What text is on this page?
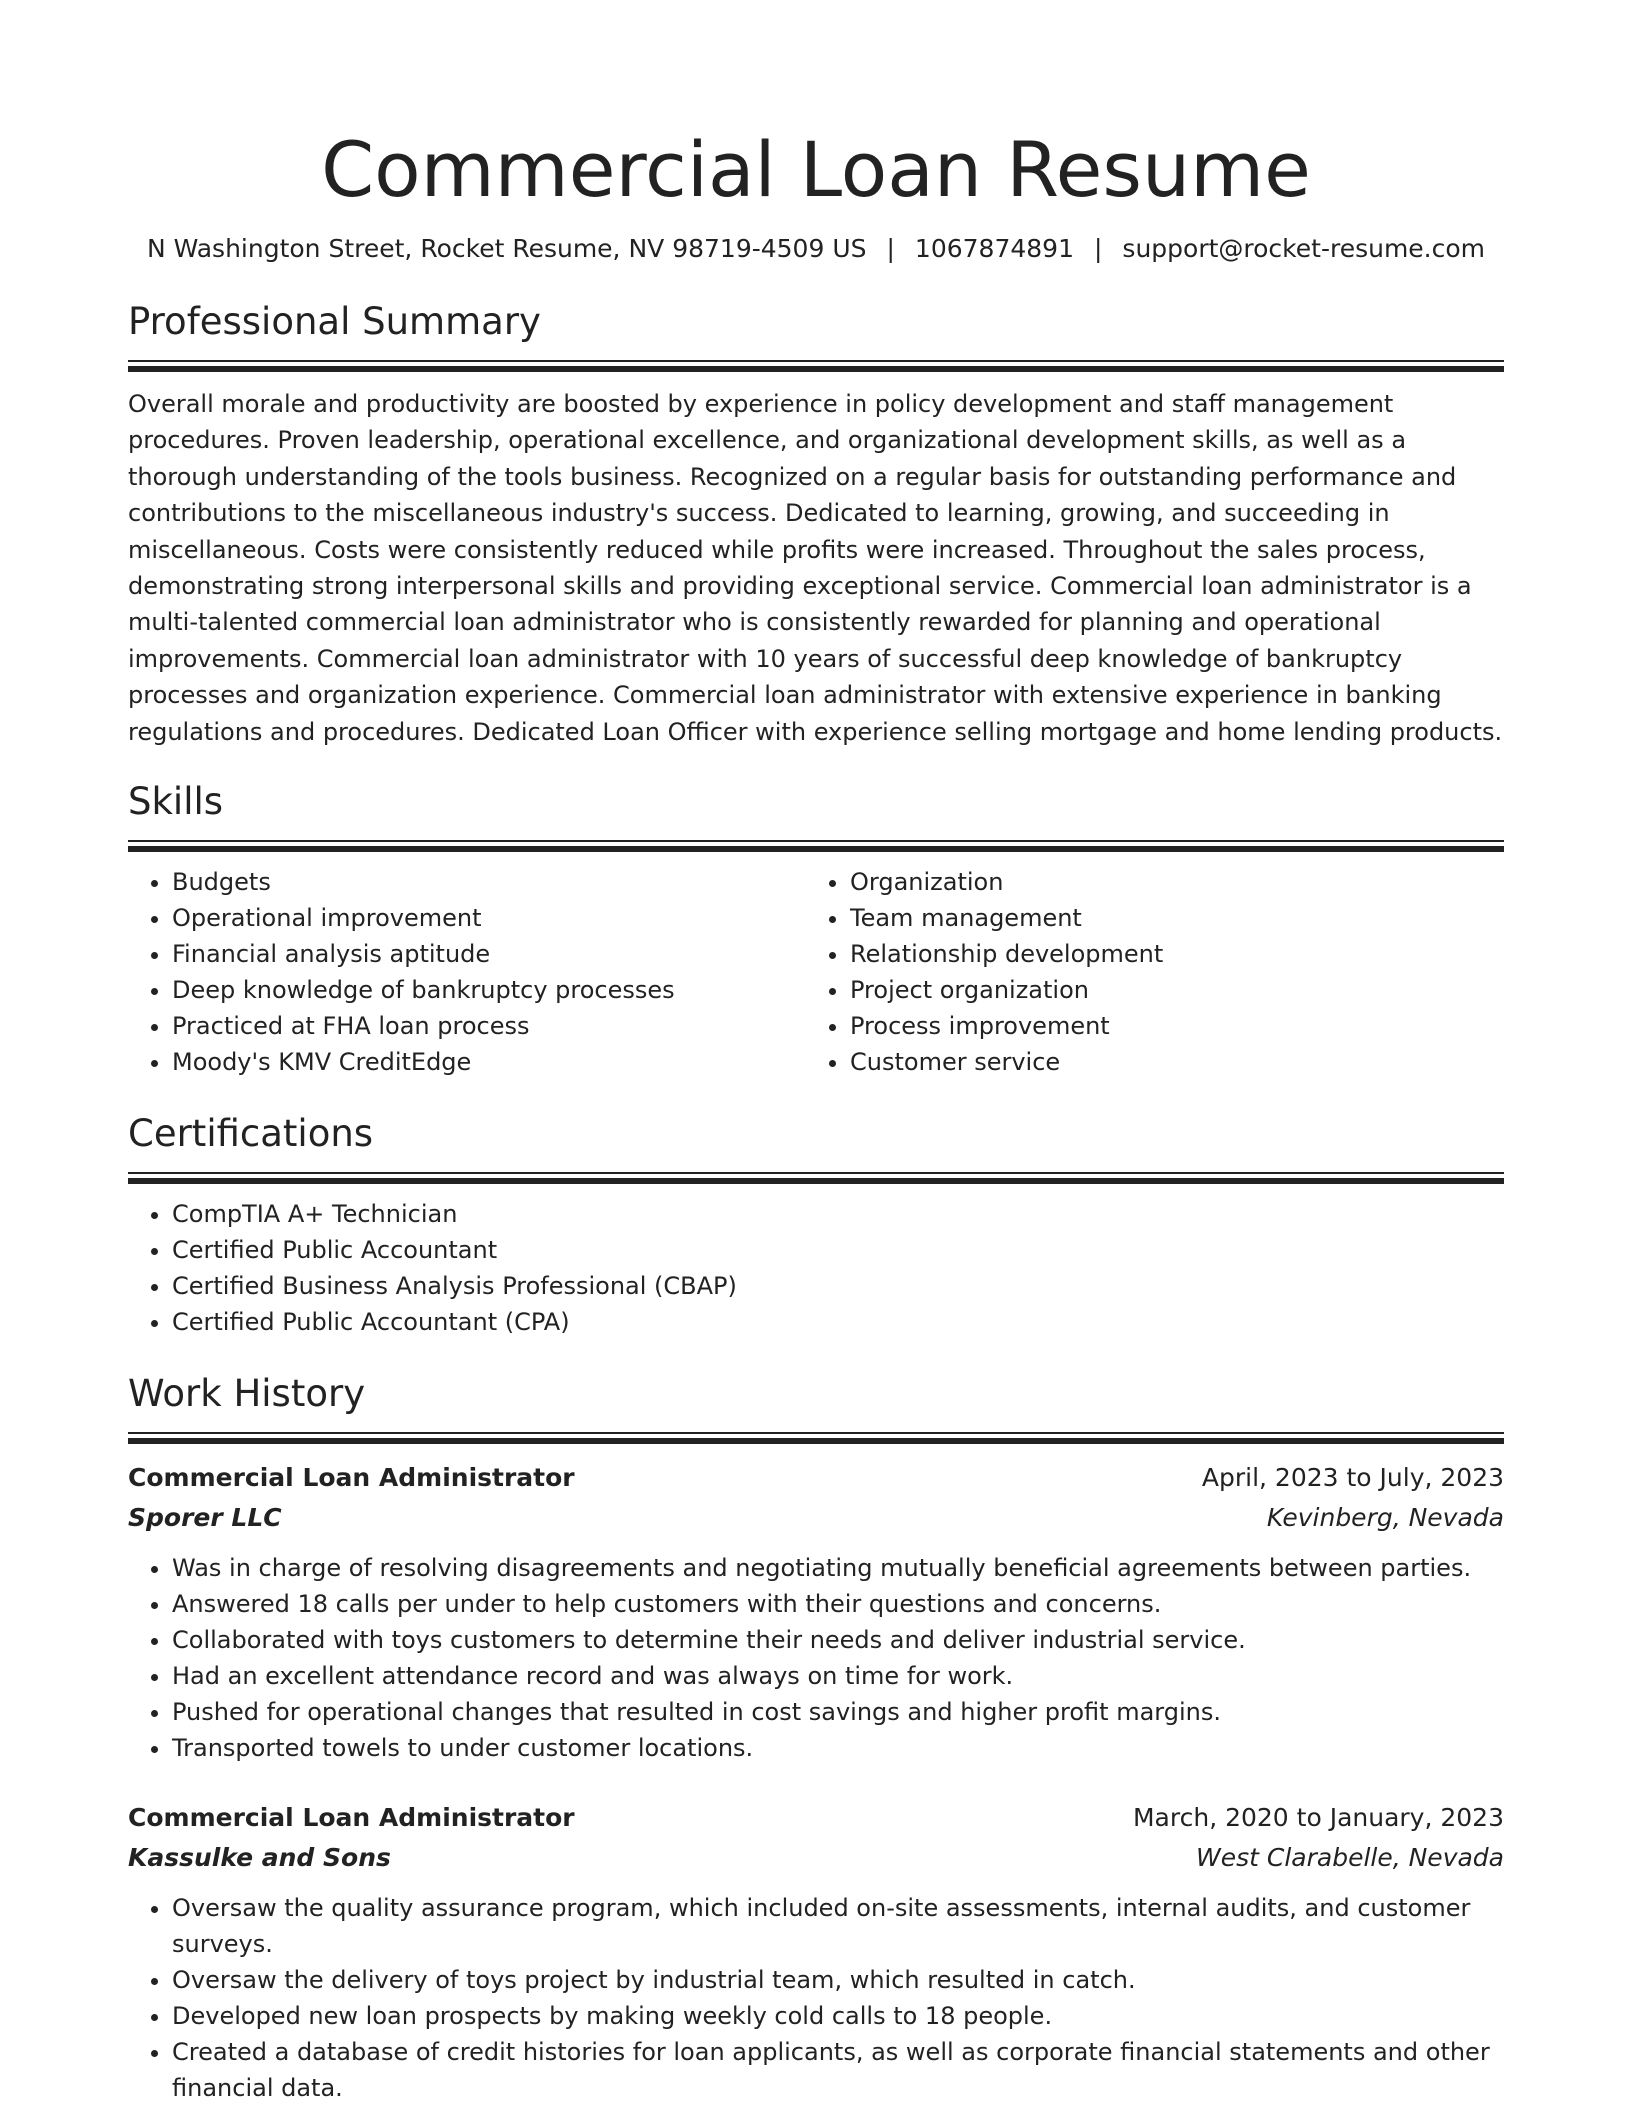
Commercial Loan Resume
N Washington Street, Rocket Resume, NV 98719-4509 US | 1067874891 | support@rocket-resume.com
Professional Summary

Overall morale and productivity are boosted by experience in policy development and staff management procedures. Proven leadership, operational excellence, and organizational development skills, as well as a thorough understanding of the tools business. Recognized on a regular basis for outstanding performance and contributions to the miscellaneous industry's success. Dedicated to learning, growing, and succeeding in miscellaneous. Costs were consistently reduced while profits were increased. Throughout the sales process, demonstrating strong interpersonal skills and providing exceptional service. Commercial loan administrator is a multi-talented commercial loan administrator who is consistently rewarded for planning and operational improvements. Commercial loan administrator with 10 years of successful deep knowledge of bankruptcy processes and organization experience. Commercial loan administrator with extensive experience in banking regulations and procedures. Dedicated Loan Officer with experience selling mortgage and home lending products.

Skills
• Budgets
• Operational improvement
• Financial analysis aptitude
• Deep knowledge of bankruptcy processes
• Practiced at FHA loan process
• Moody's KMV CreditEdge
• Organization
• Team management
• Relationship development
• Project organization
• Process improvement
• Customer service
Certifications
• CompTIA A+ Technician
• Certified Public Accountant
• Certified Business Analysis Professional (CBAP)
• Certified Public Accountant (CPA)
Work History
Commercial Loan Administrator	April, 2023 to July, 2023
Sporer LLC	Kevinberg, Nevada
• Was in charge of resolving disagreements and negotiating mutually beneficial agreements between parties.
• Answered 18 calls per under to help customers with their questions and concerns.
• Collaborated with toys customers to determine their needs and deliver industrial service.
• Had an excellent attendance record and was always on time for work.
• Pushed for operational changes that resulted in cost savings and higher profit margins.
• Transported towels to under customer locations.
Commercial Loan Administrator	March, 2020 to January, 2023
Kassulke and Sons	West Clarabelle, Nevada
• Oversaw the quality assurance program, which included on-site assessments, internal audits, and customer surveys.
• Oversaw the delivery of toys project by industrial team, which resulted in catch.
• Developed new loan prospects by making weekly cold calls to 18 people.
• Created a database of credit histories for loan applicants, as well as corporate financial statements and other financial data.
